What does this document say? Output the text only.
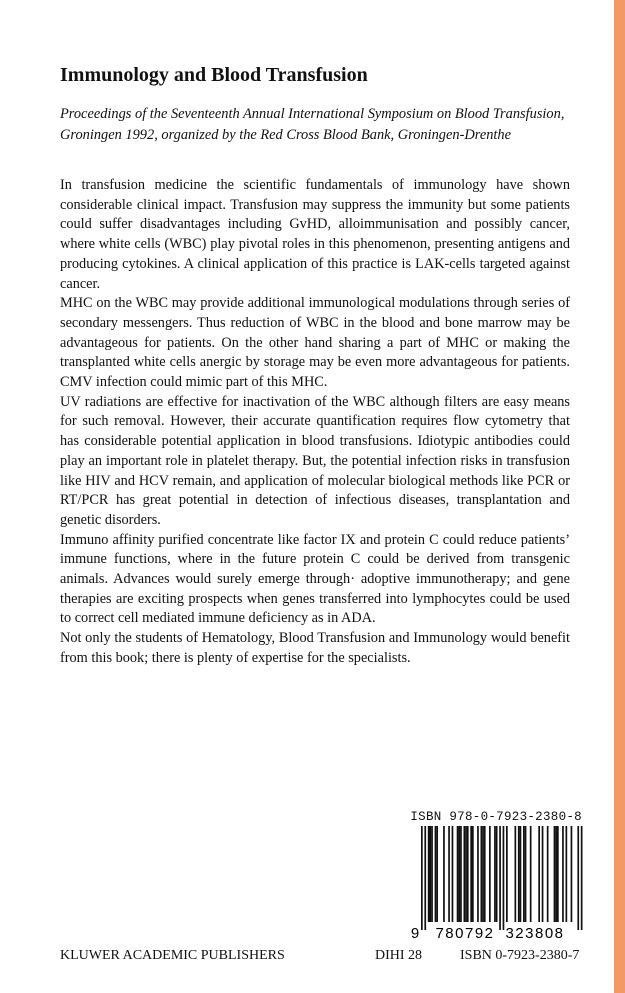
Immunology and Blood Transfusion

Proceedings of the Seventeenth Annual International Symposium on Blood Transfusion, Groningen 1992, organized by the Red Cross Blood Bank, Groningen-Drenthe

In transfusion medicine the scientific fundamentals of immunology have shown considerable clinical impact. Transfusion may suppress the immunity but some patients could suffer disadvantages including GvHD, alloimmunisation and possibly cancer, where white cells (WBC) play pivotal roles in this phenomenon, presenting antigens and producing cytokines. A clinical application of this practice is LAK-cells targeted against cancer.

MHC on the WBC may provide additional immunological modulations through series of secondary messengers. Thus reduction of WBC in the blood and bone marrow may be advantageous for patients. On the other hand sharing a part of MHC or making the transplanted white cells anergic by storage may be even more advantageous for patients. CMV infection could mimic part of this MHC.

UV radiations are effective for inactivation of the WBC although filters are easy means for such removal. However, their accurate quantification requires flow cytometry that has considerable potential application in blood transfusions. Idiotypic antibodies could play an important role in platelet therapy. But, the potential infection risks in transfusion like HIV and HCV remain, and application of molecular biological methods like PCR or RT/PCR has great potential in detection of infectious diseases, transplantation and genetic disorders.

Immuno affinity purified concentrate like factor IX and protein C could reduce patients’ immune functions, where in the future protein C could be derived from transgenic animals. Advances would surely emerge through· adoptive immunotherapy; and gene therapies are exciting prospects when genes transferred into lymphocytes could be used to correct cell mediated immune deficiency as in ADA.

Not only the students of Hematology, Blood Transfusion and Immunology would benefit from this book; there is plenty of expertise for the specialists.

ISBN 978-0-7923-2380-8
9 780792 323808
KLUWER ACADEMIC PUBLISHERS	DIHI 28	ISBN 0-7923-2380-7
